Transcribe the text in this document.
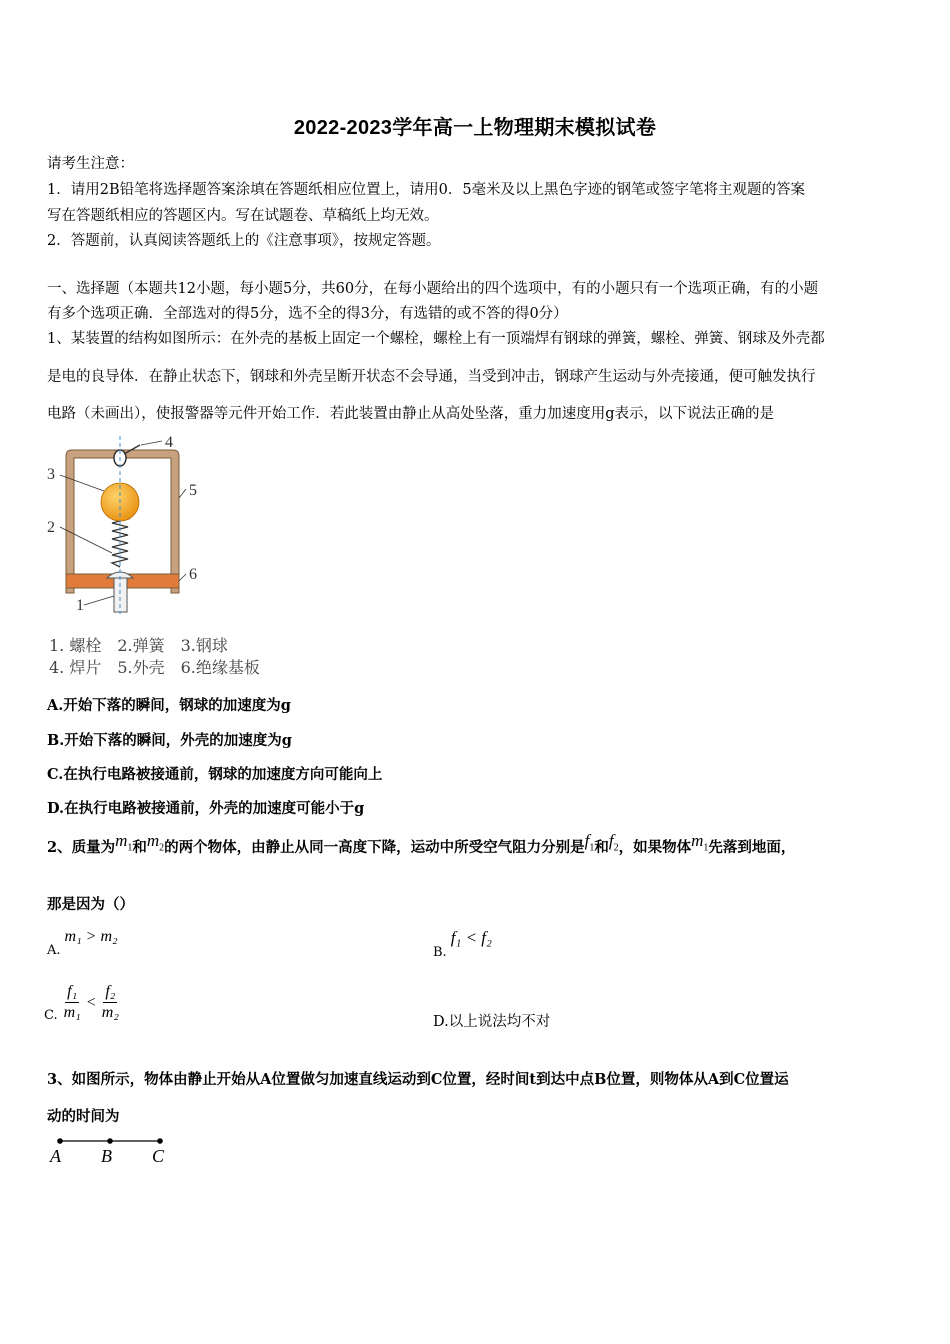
2022-2023学年高一上物理期末模拟试卷
请考生注意：
1．请用2B铅笔将选择题答案涂填在答题纸相应位置上，请用0．5毫米及以上黑色字迹的钢笔或签字笔将主观题的答案
写在答题纸相应的答题区内。写在试题卷、草稿纸上均无效。
2．答题前，认真阅读答题纸上的《注意事项》，按规定答题。
一、选择题（本题共12小题，每小题5分，共60分，在每小题给出的四个选项中，有的小题只有一个选项正确，有的小题
有多个选项正确．全部选对的得5分，选不全的得3分，有选错的或不答的得0分）
1、某装置的结构如图所示：在外壳的基板上固定一个螺栓，螺栓上有一顶端焊有钢球的弹簧，螺栓、弹簧、钢球及外壳都
是电的良导体．在静止状态下，钢球和外壳呈断开状态不会导通，当受到冲击，钢球产生运动与外壳接通，便可触发执行
电路（未画出），使报警器等元件开始工作．若此装置由静止从高处坠落，重力加速度用g表示，以下说法正确的是
4
3
5
2
6
1
1. 螺栓　2.弹簧　3.钢球
4. 焊片　5.外壳　6.绝缘基板
A.开始下落的瞬间，钢球的加速度为g
B.开始下落的瞬间，外壳的加速度为g
C.在执行电路被接通前，钢球的加速度方向可能向上
D.在执行电路被接通前，外壳的加速度可能小于g
2、质量为$m_1$和$m_2$的两个物体，由静止从同一高度下降，运动中所受空气阻力分别是$f_1$和$f_2$，如果物体$m_1$先落到地面，
那是因为（）
$_{A.}$ m₁ > m₂
$_{B.}$ f₁ < f₂
C. $\frac{\text{f₁}}{\text{m₁}} < \frac{\text{f₂}}{\text{m₂}}$	D.以上说法均不对
3、如图所示，物体由静止开始从A位置做匀加速直线运动到C位置，经时间t到达中点B位置，则物体从A到C位置运
动的时间为
A B C
